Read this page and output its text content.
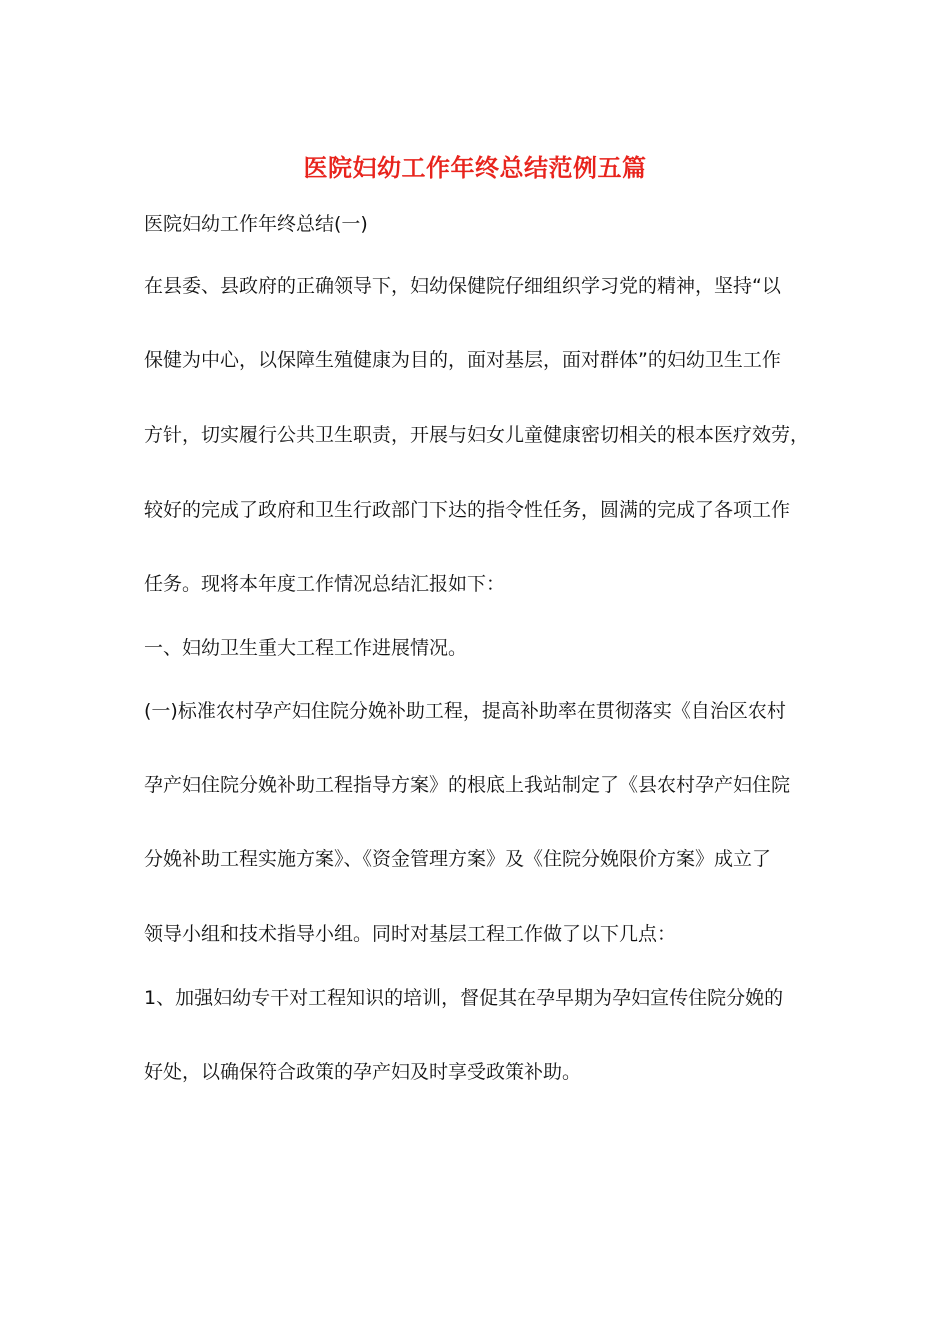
医院妇幼工作年终总结范例五篇
医院妇幼工作年终总结(一)
在县委、县政府的正确领导下，妇幼保健院仔细组织学习党的精神，坚持“以
保健为中心，以保障生殖健康为目的，面对基层，面对群体”的妇幼卫生工作
方针，切实履行公共卫生职责，开展与妇女儿童健康密切相关的根本医疗效劳，
较好的完成了政府和卫生行政部门下达的指令性任务，圆满的完成了各项工作
任务。现将本年度工作情况总结汇报如下：
一、妇幼卫生重大工程工作进展情况。
(一)标准农村孕产妇住院分娩补助工程，提高补助率在贯彻落实《自治区农村
孕产妇住院分娩补助工程指导方案》的根底上我站制定了《县农村孕产妇住院
分娩补助工程实施方案》、《资金管理方案》及《住院分娩限价方案》成立了
领导小组和技术指导小组。同时对基层工程工作做了以下几点：
1、加强妇幼专干对工程知识的培训，督促其在孕早期为孕妇宣传住院分娩的
好处，以确保符合政策的孕产妇及时享受政策补助。
